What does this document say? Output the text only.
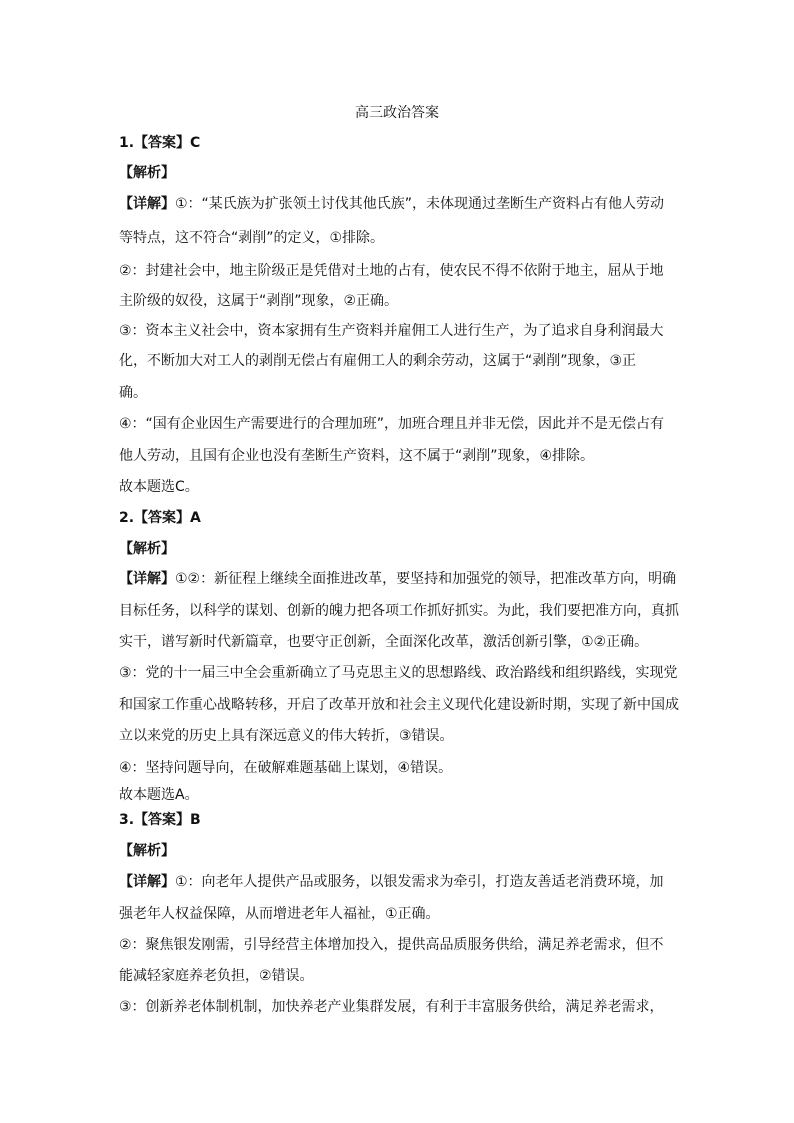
高三政治答案
1.【答案】C
【解析】
【详解】①：“某氏族为扩张领土讨伐其他氏族”，未体现通过垄断生产资料占有他人劳动
等特点，这不符合“剥削”的定义，①排除。
②：封建社会中，地主阶级正是凭借对土地的占有，使农民不得不依附于地主，屈从于地
主阶级的奴役，这属于“剥削”现象，②正确。
③：资本主义社会中，资本家拥有生产资料并雇佣工人进行生产，为了追求自身利润最大
化，不断加大对工人的剥削无偿占有雇佣工人的剩余劳动，这属于“剥削”现象，③正
确。
④：“国有企业因生产需要进行的合理加班”，加班合理且并非无偿，因此并不是无偿占有
他人劳动，且国有企业也没有垄断生产资料，这不属于“剥削”现象，④排除。
故本题选C。
2.【答案】A
【解析】
【详解】①②：新征程上继续全面推进改革，要坚持和加强党的领导，把准改革方向，明确
目标任务，以科学的谋划、创新的魄力把各项工作抓好抓实。为此，我们要把准方向，真抓
实干，谱写新时代新篇章，也要守正创新，全面深化改革，激活创新引擎，①②正确。
③：党的十一届三中全会重新确立了马克思主义的思想路线、政治路线和组织路线，实现党
和国家工作重心战略转移，开启了改革开放和社会主义现代化建设新时期，实现了新中国成
立以来党的历史上具有深远意义的伟大转折，③错误。
④：坚持问题导向，在破解难题基础上谋划，④错误。
故本题选A。
3.【答案】B
【解析】
【详解】①：向老年人提供产品或服务，以银发需求为牵引，打造友善适老消费环境，加
强老年人权益保障，从而增进老年人福祉，①正确。
②：聚焦银发刚需，引导经营主体增加投入，提供高品质服务供给，满足养老需求，但不
能减轻家庭养老负担，②错误。
③：创新养老体制机制，加快养老产业集群发展，有利于丰富服务供给，满足养老需求，
